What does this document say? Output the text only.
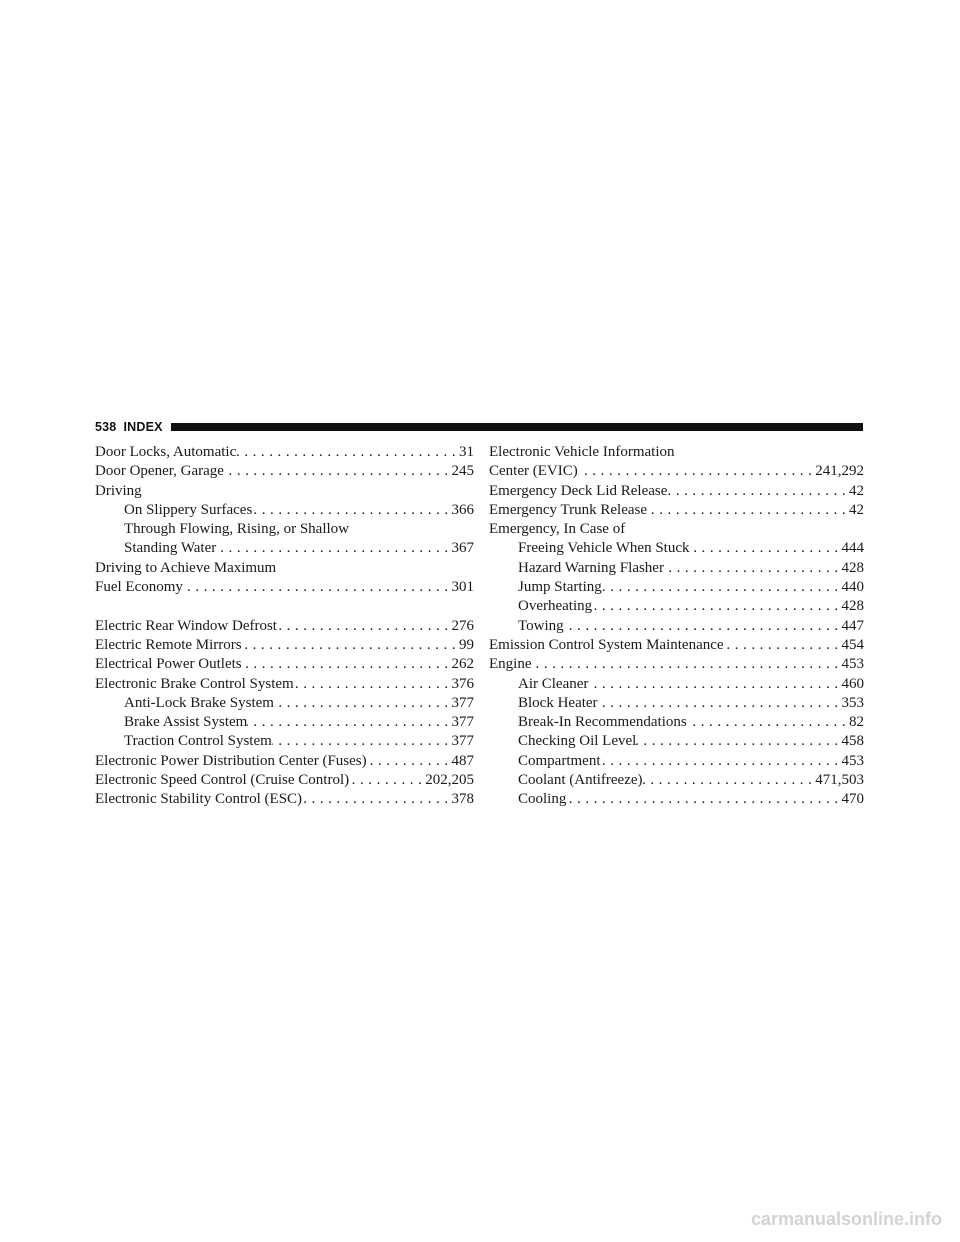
538 INDEX
Door Locks, Automatic . . .	31
Door Opener, Garage . . .	245
Driving
On Slippery Surfaces . . .	366
Through Flowing, Rising, or Shallow
Standing Water . . .	367
Driving to Achieve Maximum
Fuel Economy . . .	301
Electric Rear Window Defrost . . .	276
Electric Remote Mirrors . . .	99
Electrical Power Outlets . . .	262
Electronic Brake Control System . . .	376
Anti-Lock Brake System . . .	377
Brake Assist System . . .	377
Traction Control System . . .	377
Electronic Power Distribution Center (Fuses) . . .	487
Electronic Speed Control (Cruise Control) . . .	202,205
Electronic Stability Control (ESC) . . .	378
Electronic Vehicle Information
Center (EVIC) . . .	241,292
Emergency Deck Lid Release . . .	42
Emergency Trunk Release . . .	42
Emergency, In Case of
Freeing Vehicle When Stuck . . .	444
Hazard Warning Flasher . . .	428
Jump Starting . . .	440
Overheating . . .	428
Towing . . .	447
Emission Control System Maintenance . . .	454
Engine . . .	453
Air Cleaner . . .	460
Block Heater . . .	353
Break-In Recommendations . . .	82
Checking Oil Level . . .	458
Compartment . . .	453
Coolant (Antifreeze) . . .	471,503
Cooling . . .	470
carmanualsonline.info
